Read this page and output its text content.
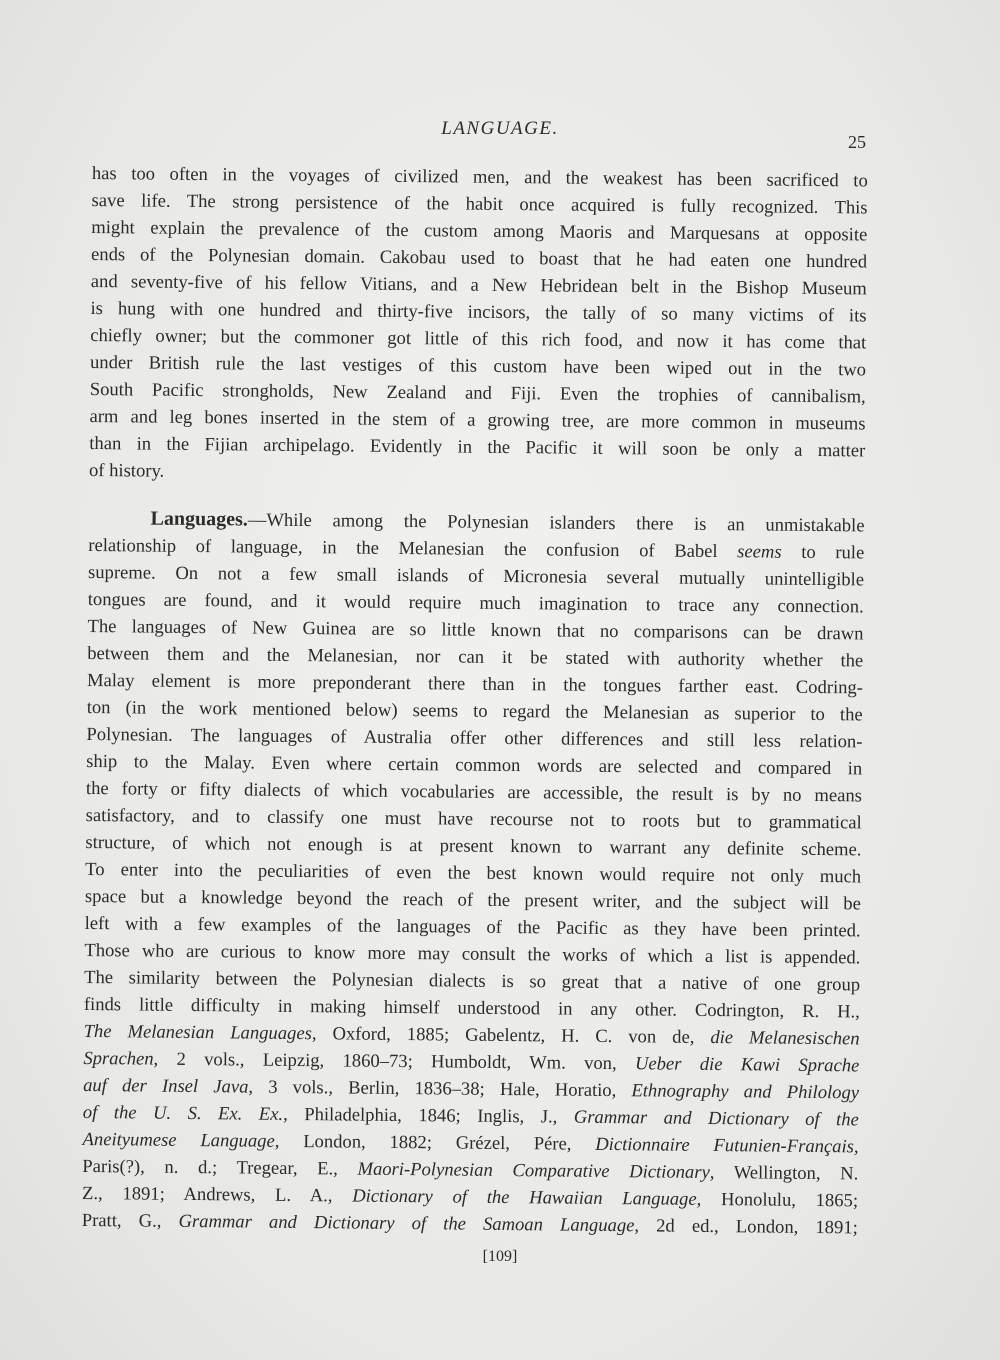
LANGUAGE.
25
has too often in the voyages of civilized men, and the weakest has been sacrificed to
save life. The strong persistence of the habit once acquired is fully recognized. This
might explain the prevalence of the custom among Maoris and Marquesans at opposite
ends of the Polynesian domain. Cakobau used to boast that he had eaten one hundred
and seventy-five of his fellow Vitians, and a New Hebridean belt in the Bishop Museum
is hung with one hundred and thirty-five incisors, the tally of so many victims of its
chiefly owner; but the commoner got little of this rich food, and now it has come that
under British rule the last vestiges of this custom have been wiped out in the two
South Pacific strongholds, New Zealand and Fiji. Even the trophies of cannibalism,
arm and leg bones inserted in the stem of a growing tree, are more common in museums
than in the Fijian archipelago. Evidently in the Pacific it will soon be only a matter
of history.
Languages.—While among the Polynesian islanders there is an unmistakable
relationship of language, in the Melanesian the confusion of Babel seems to rule
supreme. On not a few small islands of Micronesia several mutually unintelligible
tongues are found, and it would require much imagination to trace any connection.
The languages of New Guinea are so little known that no comparisons can be drawn
between them and the Melanesian, nor can it be stated with authority whether the
Malay element is more preponderant there than in the tongues farther east. Codring-
ton (in the work mentioned below) seems to regard the Melanesian as superior to the
Polynesian. The languages of Australia offer other differences and still less relation-
ship to the Malay. Even where certain common words are selected and compared in
the forty or fifty dialects of which vocabularies are accessible, the result is by no means
satisfactory, and to classify one must have recourse not to roots but to grammatical
structure, of which not enough is at present known to warrant any definite scheme.
To enter into the peculiarities of even the best known would require not only much
space but a knowledge beyond the reach of the present writer, and the subject will be
left with a few examples of the languages of the Pacific as they have been printed.
Those who are curious to know more may consult the works of which a list is appended.
The similarity between the Polynesian dialects is so great that a native of one group
finds little difficulty in making himself understood in any other. Codrington, R. H.,
The Melanesian Languages, Oxford, 1885; Gabelentz, H. C. von de, die Melanesischen
Sprachen, 2 vols., Leipzig, 1860–73; Humboldt, Wm. von, Ueber die Kawi Sprache
auf der Insel Java, 3 vols., Berlin, 1836–38; Hale, Horatio, Ethnography and Philology
of the U. S. Ex. Ex., Philadelphia, 1846; Inglis, J., Grammar and Dictionary of the
Aneityumese Language, London, 1882; Grézel, Pére, Dictionnaire Futunien-Français,
Paris(?), n. d.; Tregear, E., Maori-Polynesian Comparative Dictionary, Wellington, N.
Z., 1891; Andrews, L. A., Dictionary of the Hawaiian Language, Honolulu, 1865;
Pratt, G., Grammar and Dictionary of the Samoan Language, 2d ed., London, 1891;
[109]
